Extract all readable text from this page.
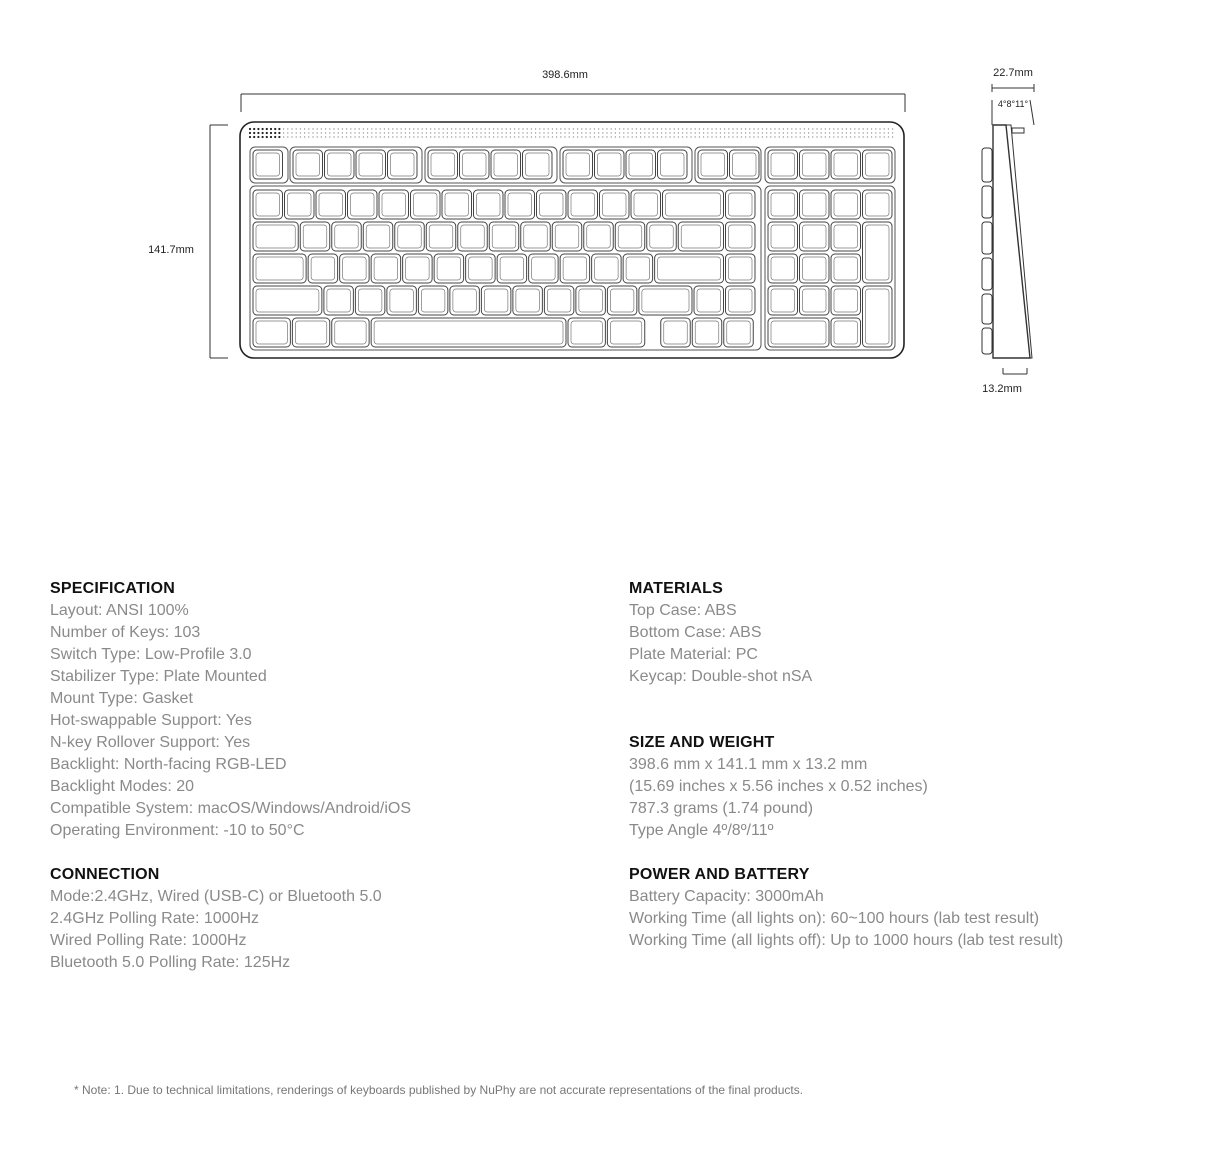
398.6mm
141.7mm
22.7mm
4°8°11°
13.2mm
SPECIFICATION
Layout: ANSI 100%
Number of Keys: 103
Switch Type: Low-Profile 3.0
Stabilizer Type: Plate Mounted
Mount Type: Gasket
Hot-swappable Support: Yes
N-key Rollover Support: Yes
Backlight: North-facing RGB-LED
Backlight Modes: 20
Compatible System: macOS/Windows/Android/iOS
Operating Environment: -10 to 50°C
CONNECTION
Mode:2.4GHz, Wired (USB-C) or Bluetooth 5.0
2.4GHz Polling Rate: 1000Hz
Wired Polling Rate: 1000Hz
Bluetooth 5.0 Polling Rate: 125Hz
MATERIALS
Top Case: ABS
Bottom Case: ABS
Plate Material: PC
Keycap: Double-shot nSA
SIZE AND WEIGHT
398.6 mm x 141.1 mm x 13.2 mm
(15.69 inches x 5.56 inches x 0.52 inches)
787.3 grams (1.74 pound)
Type Angle 4º/8º/11º
POWER AND BATTERY
Battery Capacity: 3000mAh
Working Time (all lights on): 60~100 hours (lab test result)
Working Time (all lights off): Up to 1000 hours (lab test result)
* Note: 1. Due to technical limitations, renderings of keyboards published by NuPhy are not accurate representations of the final products.
